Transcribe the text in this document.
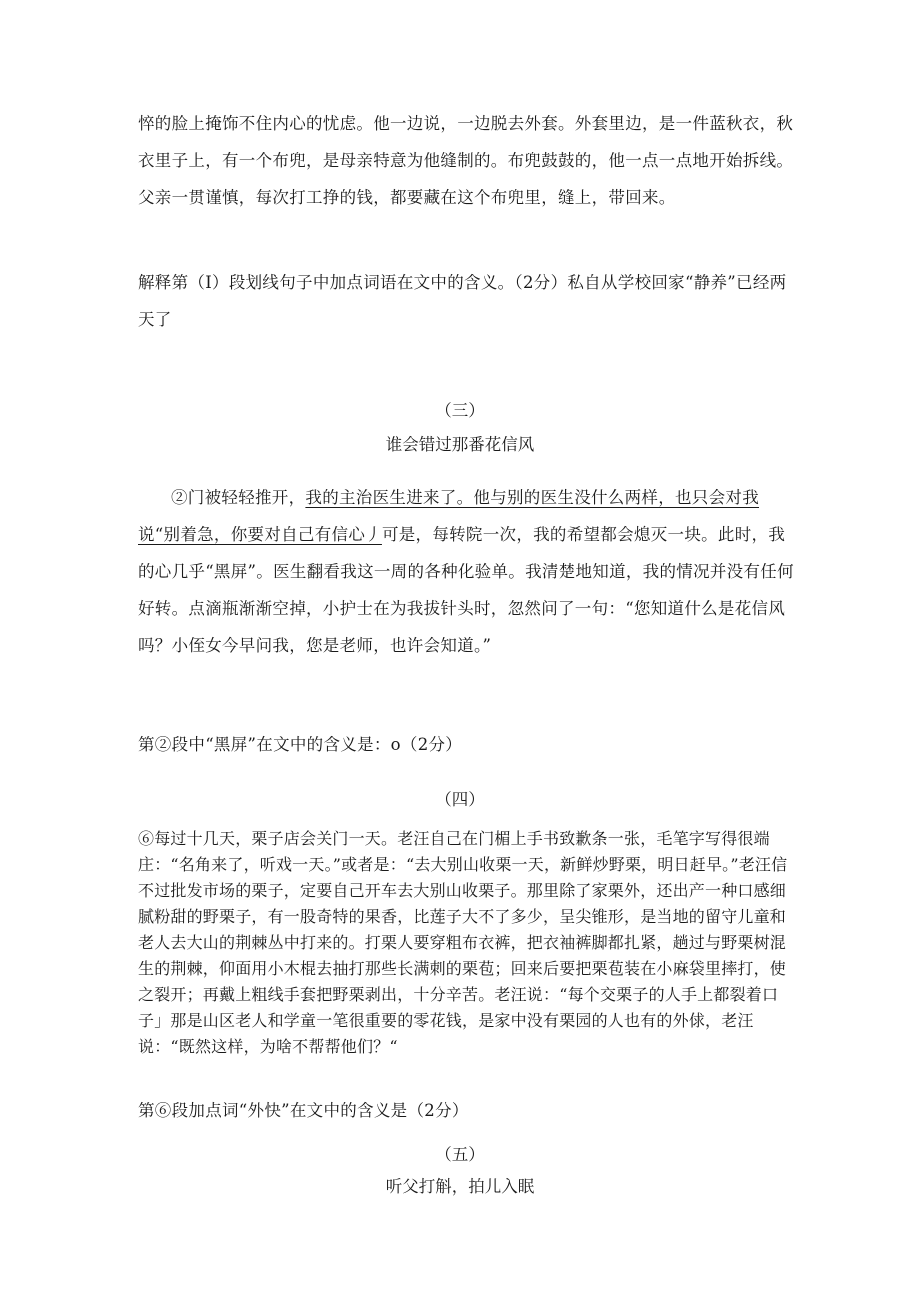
悴的脸上掩饰不住内心的忧虑。他一边说，一边脱去外套。外套里边，是一件蓝秋衣，秋衣里子上，有一个布兜，是母亲特意为他缝制的。布兜鼓鼓的，他一点一点地开始拆线。父亲一贯谨慎，每次打工挣的钱，都要藏在这个布兜里，缝上，带回来。

解释第（I）段划线句子中加点词语在文中的含义。（2分）私自从学校回家“静养”已经两天了

（三）

谁会错过那番花信风

②门被轻轻推开，我的主治医生进来了。他与别的医生没什么两样，也只会对我说“别着急，你要对自己有信心丿可是，每转院一次，我的希望都会熄灭一块。此时，我的心几乎“黑屏”。医生翻看我这一周的各种化验单。我清楚地知道，我的情况并没有任何好转。点滴瓶渐渐空掉，小护士在为我拔针头时，忽然问了一句：“您知道什么是花信风吗？小侄女今早问我，您是老师，也许会知道。”

第②段中“黑屏”在文中的含义是：o（2分）

（四）

⑥每过十几天，栗子店会关门一天。老汪自己在门楣上手书致歉条一张，毛笔字写得很端庄：“名角来了，听戏一天。”或者是：“去大别山收栗一天，新鲜炒野栗，明日赶早。”老汪信不过批发市场的栗子，定要自己开车去大别山收栗子。那里除了家栗外，还出产一种口感细腻粉甜的野栗子，有一股奇特的果香，比莲子大不了多少，呈尖锥形，是当地的留守儿童和老人去大山的荆棘丛中打来的。打栗人要穿粗布衣裤，把衣袖裤脚都扎紧，趟过与野栗树混生的荆棘，仰面用小木棍去抽打那些长满刺的栗苞；回来后要把栗苞装在小麻袋里摔打，使之裂开；再戴上粗线手套把野栗剥出，十分辛苦。老汪说：“每个交栗子的人手上都裂着口子」那是山区老人和学童一笔很重要的零花钱，是家中没有栗园的人也有的外俅，老汪说：“既然这样，为啥不帮帮他们？“

第⑥段加点词“外快”在文中的含义是（2分）

（五）

听父打斛，拍儿入眠
